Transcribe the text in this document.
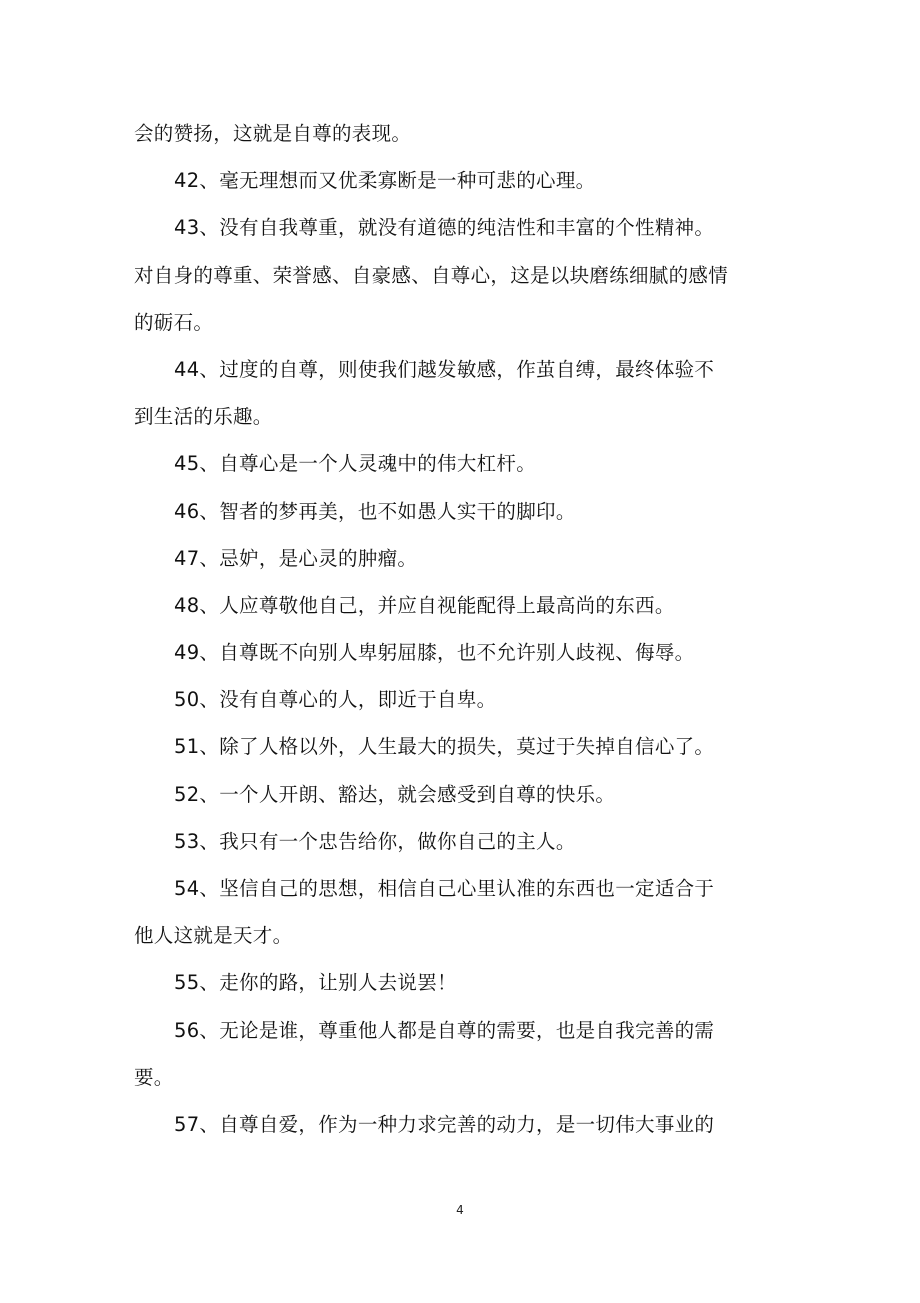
会的赞扬，这就是自尊的表现。
42、毫无理想而又优柔寡断是一种可悲的心理。
43、没有自我尊重，就没有道德的纯洁性和丰富的个性精神。
对自身的尊重、荣誉感、自豪感、自尊心，这是以块磨练细腻的感情
的砺石。
44、过度的自尊，则使我们越发敏感，作茧自缚，最终体验不
到生活的乐趣。
45、自尊心是一个人灵魂中的伟大杠杆。
46、智者的梦再美，也不如愚人实干的脚印。
47、忌妒，是心灵的肿瘤。
48、人应尊敬他自己，并应自视能配得上最高尚的东西。
49、自尊既不向别人卑躬屈膝，也不允许别人歧视、侮辱。
50、没有自尊心的人，即近于自卑。
51、除了人格以外，人生最大的损失，莫过于失掉自信心了。
52、一个人开朗、豁达，就会感受到自尊的快乐。
53、我只有一个忠告给你，做你自己的主人。
54、坚信自己的思想，相信自己心里认准的东西也一定适合于
他人这就是天才。
55、走你的路，让别人去说罢！
56、无论是谁，尊重他人都是自尊的需要，也是自我完善的需
要。
57、自尊自爱，作为一种力求完善的动力，是一切伟大事业的
4
